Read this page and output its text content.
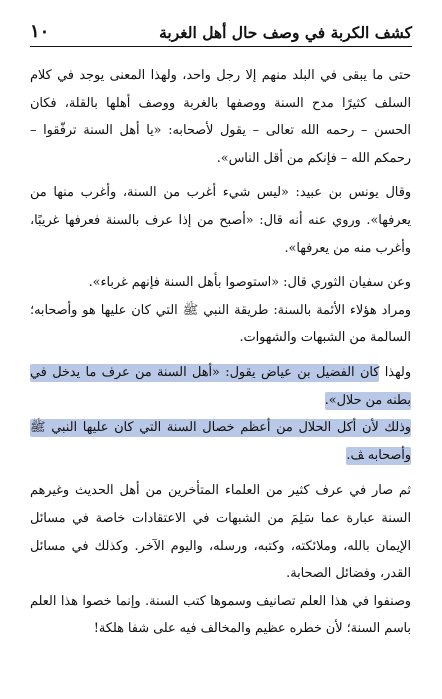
كشف الكربة في وصف حال أهل الغربة
١٠

حتى ما يبقى في البلد منهم إلا رجل واحد، ولهذا المعنى يوجد في كلام السلف كثيرًا مدح السنة ووصفها بالغربة ووصف أهلها بالقلة، فكان الحسن – رحمه الله تعالى – يقول لأصحابه: «يا أهل السنة ترفّقوا – رحمكم الله – فإنكم من أقل الناس».

وقال يونس بن عبيد: «ليس شيء أغرب من السنة، وأغرب منها من يعرفها». وروي عنه أنه قال: «أصبح من إذا عرف بالسنة فعرفها غريبًا، وأغرب منه من يعرفها».

وعن سفيان الثوري قال: «استوصوا بأهل السنة فإنهم غرباء».

ومراد هؤلاء الأئمة بالسنة: طريقة النبي ﷺ التي كان عليها هو وأصحابه؛ السالمة من الشبهات والشهوات.

ولهذا كان الفضيل بن عياض يقول: «أهل السنة من عرف ما يدخل في بطنه من حلال».

وذلك لأن أكل الحلال من أعظم خصال السنة التي كان عليها النبي ﷺ وأصحابه ﭫ.

ثم صار في عرف كثير من العلماء المتأخرين من أهل الحديث وغيرهم السنة عبارة عما سَلِمَ من الشبهات في الاعتقادات خاصة في مسائل الإيمان بالله، وملائكته، وكتبه، ورسله، واليوم الآخر. وكذلك في مسائل القدر، وفضائل الصحابة.

وصنفوا في هذا العلم تصانيف وسموها كتب السنة. وإنما خصوا هذا العلم باسم السنة؛ لأن خطره عظيم والمخالف فيه على شفا هلكة!
